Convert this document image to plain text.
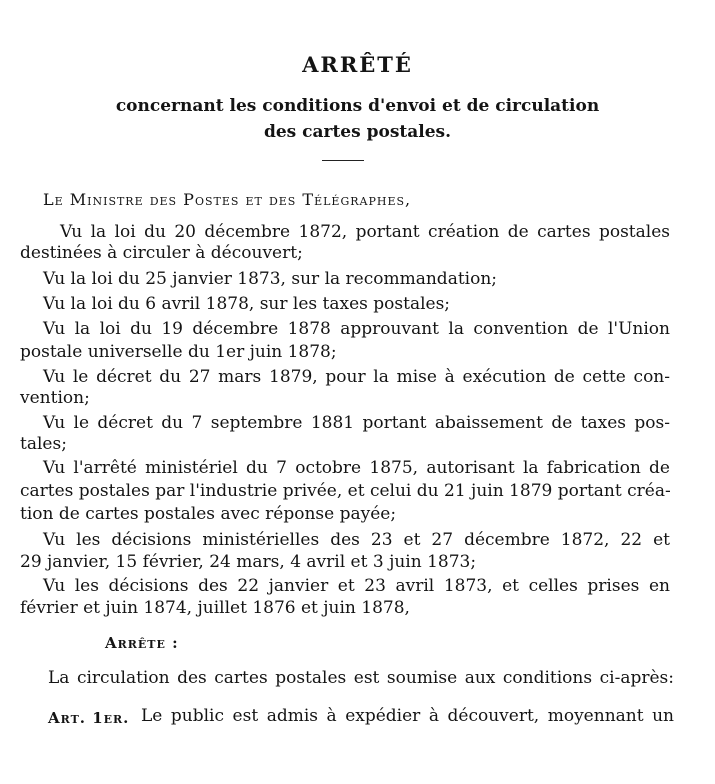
ARRÊTÉ
concernant les conditions d'envoi et de circulation
des cartes postales.
Le Ministre des Postes et des Télégraphes,
Vu la loi du 20 décembre 1872, portant création de cartes postales
destinées à circuler à découvert;
Vu la loi du 25 janvier 1873, sur la recommandation;
Vu la loi du 6 avril 1878, sur les taxes postales;
Vu la loi du 19 décembre 1878 approuvant la convention de l'Union
postale universelle du 1er juin 1878;
Vu le décret du 27 mars 1879, pour la mise à exécution de cette con-
vention;
Vu le décret du 7 septembre 1881 portant abaissement de taxes pos-
tales;
Vu l'arrêté ministériel du 7 octobre 1875, autorisant la fabrication de
cartes postales par l'industrie privée, et celui du 21 juin 1879 portant créa-
tion de cartes postales avec réponse payée;
Vu les décisions ministérielles des 23 et 27 décembre 1872, 22 et
29 janvier, 15 février, 24 mars, 4 avril et 3 juin 1873;
Vu les décisions des 22 janvier et 23 avril 1873, et celles prises en
février et juin 1874, juillet 1876 et juin 1878,
Arrête :
La circulation des cartes postales est soumise aux conditions ci-après:
Art. 1er. Le public est admis à expédier à découvert, moyennant un
